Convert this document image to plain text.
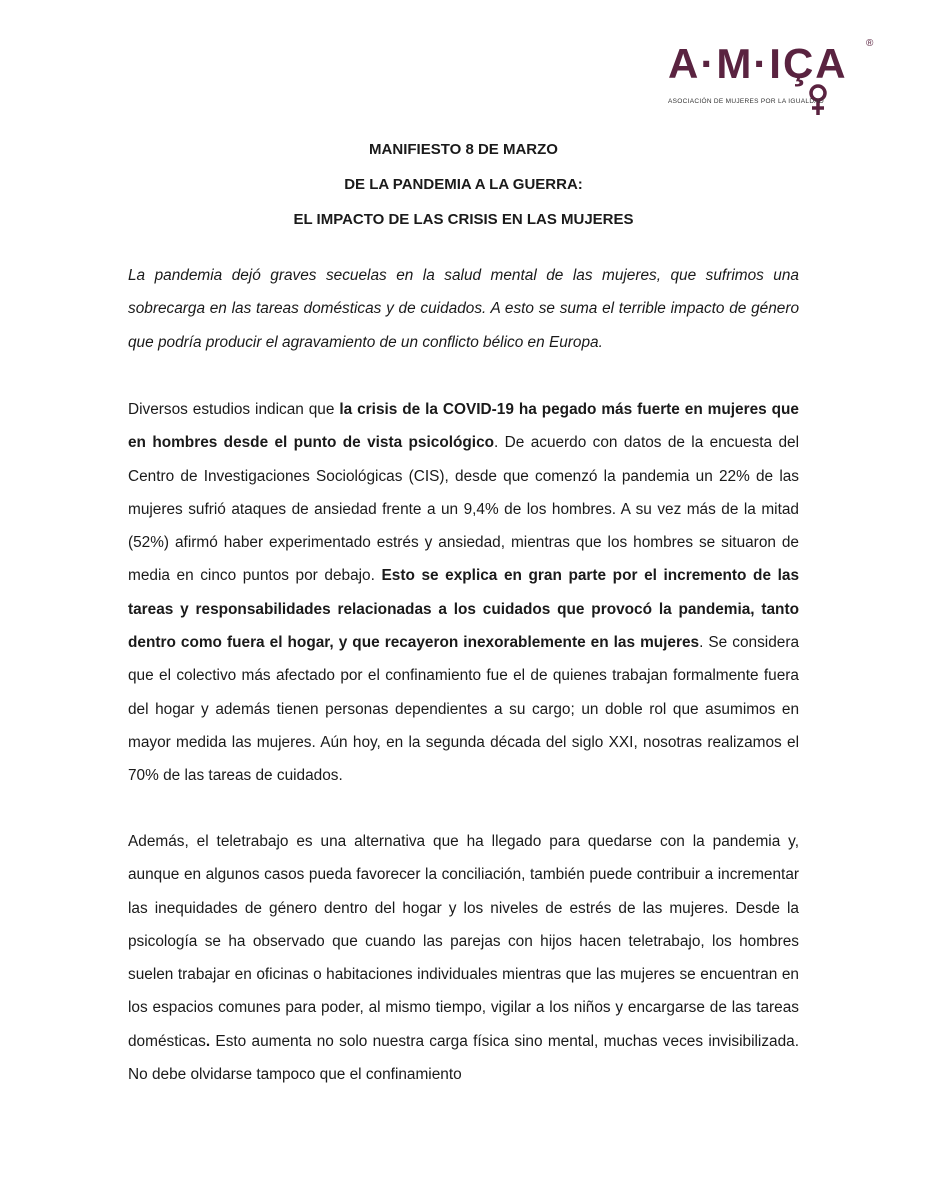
A·M·IÇA ®
ASOCIACIÓN DE MUJERES POR LA IGUALDAD
MANIFIESTO 8 DE MARZO
DE LA PANDEMIA A LA GUERRA:
EL IMPACTO DE LAS CRISIS EN LAS MUJERES

La pandemia dejó graves secuelas en la salud mental de las mujeres, que sufrimos una sobrecarga en las tareas domésticas y de cuidados. A esto se suma el terrible impacto de género que podría producir el agravamiento de un conflicto bélico en Europa.

Diversos estudios indican que la crisis de la COVID-19 ha pegado más fuerte en mujeres que en hombres desde el punto de vista psicológico. De acuerdo con datos de la encuesta del Centro de Investigaciones Sociológicas (CIS), desde que comenzó la pandemia un 22% de las mujeres sufrió ataques de ansiedad frente a un 9,4% de los hombres. A su vez más de la mitad (52%) afirmó haber experimentado estrés y ansiedad, mientras que los hombres se situaron de media en cinco puntos por debajo. Esto se explica en gran parte por el incremento de las tareas y responsabilidades relacionadas a los cuidados que provocó la pandemia, tanto dentro como fuera el hogar, y que recayeron inexorablemente en las mujeres. Se considera que el colectivo más afectado por el confinamiento fue el de quienes trabajan formalmente fuera del hogar y además tienen personas dependientes a su cargo; un doble rol que asumimos en mayor medida las mujeres. Aún hoy, en la segunda década del siglo XXI, nosotras realizamos el 70% de las tareas de cuidados.

Además, el teletrabajo es una alternativa que ha llegado para quedarse con la pandemia y, aunque en algunos casos pueda favorecer la conciliación, también puede contribuir a incrementar las inequidades de género dentro del hogar y los niveles de estrés de las mujeres. Desde la psicología se ha observado que cuando las parejas con hijos hacen teletrabajo, los hombres suelen trabajar en oficinas o habitaciones individuales mientras que las mujeres se encuentran en los espacios comunes para poder, al mismo tiempo, vigilar a los niños y encargarse de las tareas domésticas. Esto aumenta no solo nuestra carga física sino mental, muchas veces invisibilizada. No debe olvidarse tampoco que el confinamiento
